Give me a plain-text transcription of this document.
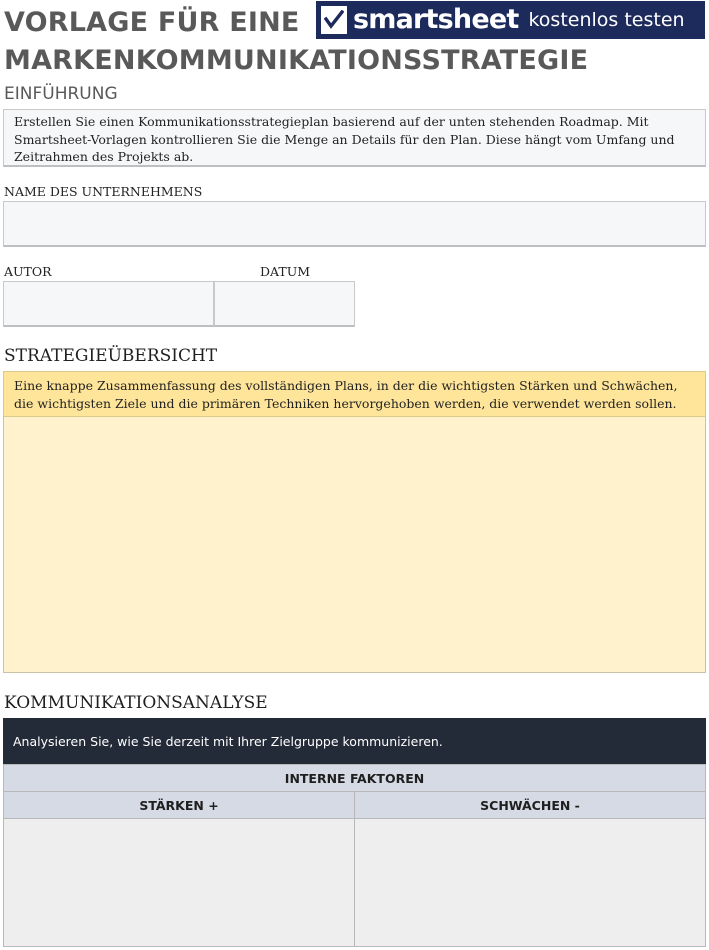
VORLAGE FÜR EINE
MARKENKOMMUNIKATIONSSTRATEGIE
smartsheet kostenlos testen
EINFÜHRUNG
Erstellen Sie einen Kommunikationsstrategieplan basierend auf der unten stehenden Roadmap. Mit Smartsheet-Vorlagen kontrollieren Sie die Menge an Details für den Plan. Diese hängt vom Umfang und Zeitrahmen des Projekts ab.
NAME DES UNTERNEHMENS
AUTOR	DATUM
STRATEGIEÜBERSICHT
Eine knappe Zusammenfassung des vollständigen Plans, in der die wichtigsten Stärken und Schwächen, die wichtigsten Ziele und die primären Techniken hervorgehoben werden, die verwendet werden sollen.
KOMMUNIKATIONSANALYSE
Analysieren Sie, wie Sie derzeit mit Ihrer Zielgruppe kommunizieren.
INTERNE FAKTOREN
STÄRKEN +	SCHWÄCHEN -
